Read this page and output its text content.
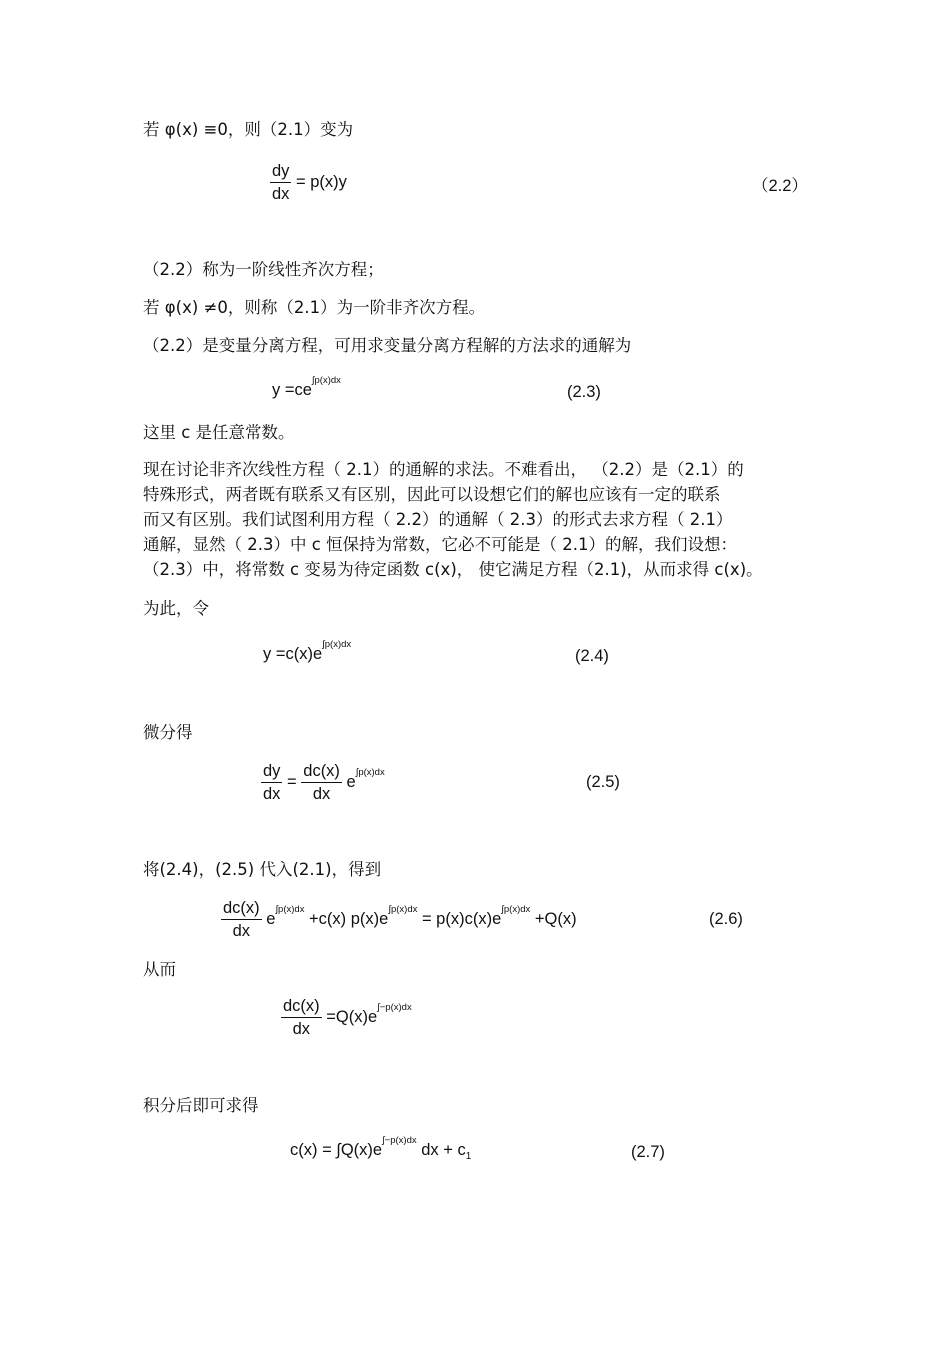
若 φ(x) ≡0，则（2.1）变为
$\frac{dy}{dx} = p(x)y$	（2.2）
（2.2）称为一阶线性齐次方程；
若 φ(x) ≠0，则称（2.1）为一阶非齐次方程。
（2.2）是变量分离方程，可用求变量分离方程解的方法求的通解为
$y =ce^{\int p(x)dx}$
(2.3)
这里 c 是任意常数。
现在讨论非齐次线性方程（ 2.1）的通解的求法。不难看出， （2.2）是（2.1）的
特殊形式，两者既有联系又有区别，因此可以设想它们的解也应该有一定的联系
而又有区别。我们试图利用方程（ 2.2）的通解（ 2.3）的形式去求方程（ 2.1）
通解，显然（ 2.3）中 c 恒保持为常数，它必不可能是（ 2.1）的解，我们设想：
（2.3）中，将常数 c 变易为待定函数 c(x)， 使它满足方程（2.1)，从而求得 c(x)。
为此，令
$y =c(x)e^{\int p(x)dx}$
(2.4)
微分得
$\frac{dy}{dx} = \frac{dc(x)}{dx} e^{\int p(x)dx}$
(2.5)
将(2.4)，(2.5) 代入(2.1)，得到
$\frac{dc(x)}{dx} e^{\int p(x)dx} +c(x) p(x)e^{\int p(x)dx} = p(x)c(x)e^{\int p(x)dx} +Q(x)$	(2.6)
从而
$\frac{dc(x)}{dx} =Q(x)e^{\int-p(x)dx}$
积分后即可求得
$c(x) = \int Q(x)e^{\int-p(x)dx}$ dx + $c_1$	(2.7)
